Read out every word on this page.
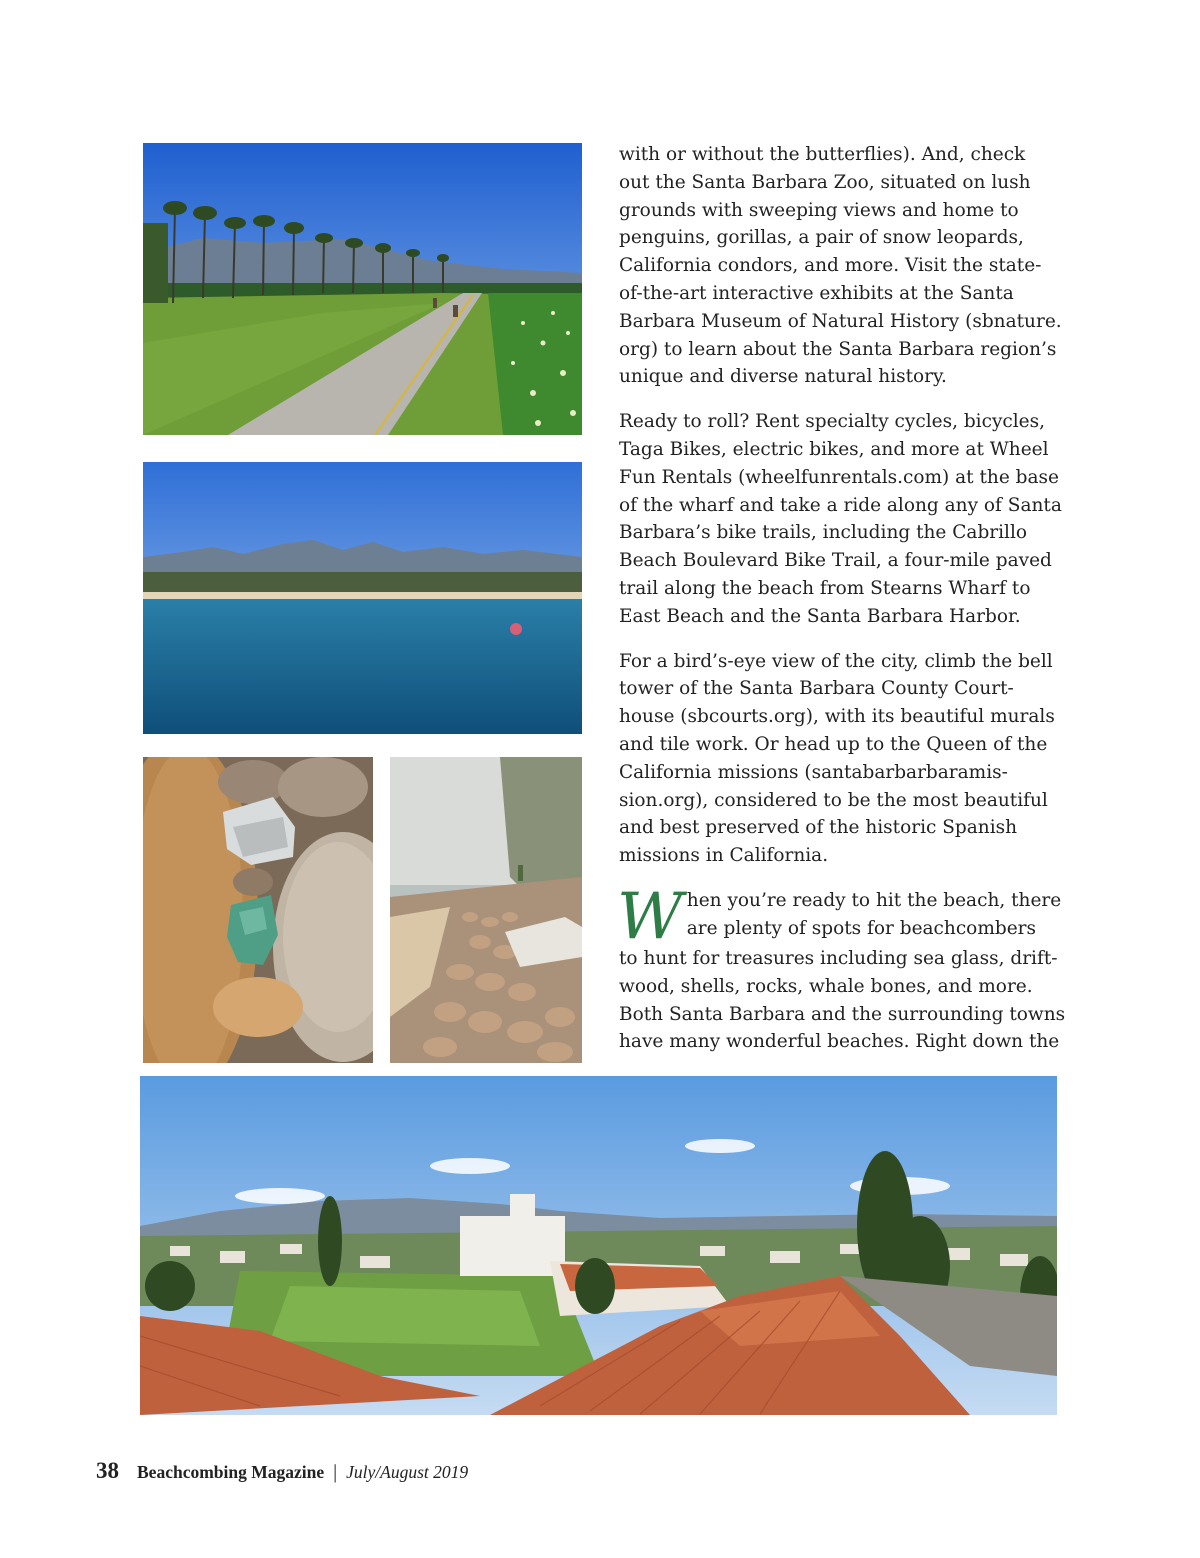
with or without the butterflies). And, check
out the Santa Barbara Zoo, situated on lush
grounds with sweeping views and home to
penguins, gorillas, a pair of snow leopards,
California condors, and more. Visit the state-
of-the-art interactive exhibits at the Santa
Barbara Museum of Natural History (sbnature.
org) to learn about the Santa Barbara region’s
unique and diverse natural history.

Ready to roll? Rent specialty cycles, bicycles,
Taga Bikes, electric bikes, and more at Wheel
Fun Rentals (wheelfunrentals.com) at the base
of the wharf and take a ride along any of Santa
Barbara’s bike trails, including the Cabrillo
Beach Boulevard Bike Trail, a four-mile paved
trail along the beach from Stearns Wharf to
East Beach and the Santa Barbara Harbor.

For a bird’s-eye view of the city, climb the bell
tower of the Santa Barbara County Court-
house (sbcourts.org), with its beautiful murals
and tile work. Or head up to the Queen of the
California missions (santabarbarbaramis-
sion.org), considered to be the most beautiful
and best preserved of the historic Spanish
missions in California.

W hen you’re ready to hit the beach, there
are plenty of spots for beachcombers
to hunt for treasures including sea glass, drift-
wood, shells, rocks, whale bones, and more.
Both Santa Barbara and the surrounding towns
have many wonderful beaches. Right down the

38 Beachcombing Magazine | July/August 2019
